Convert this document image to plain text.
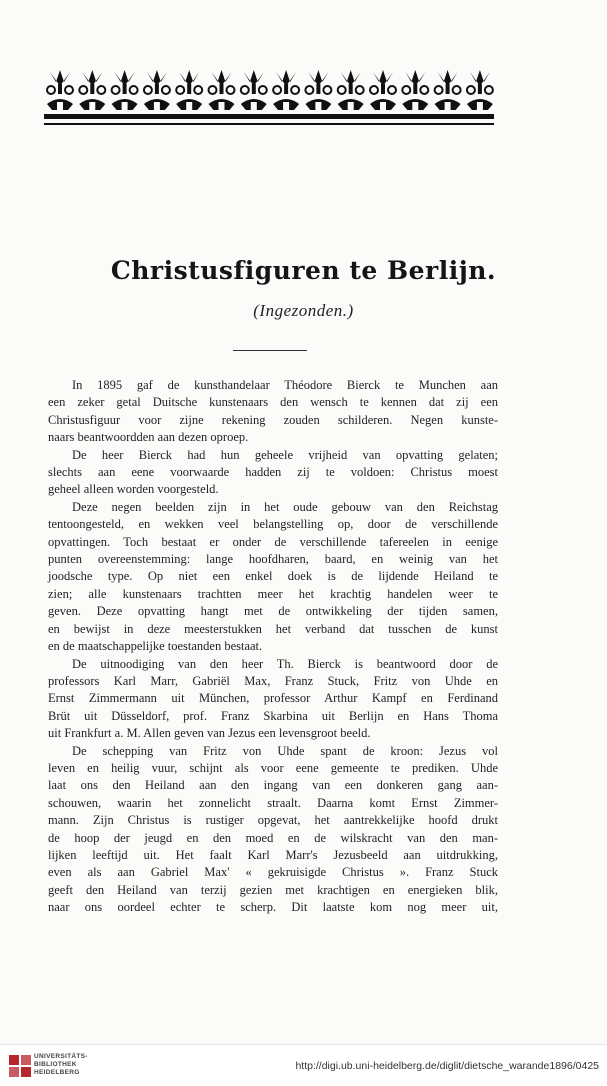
Christusfiguren te Berlijn.
(Ingezonden.)
In 1895 gaf de kunsthandelaar Théodore Bierck te Munchen aan
een zeker getal Duitsche kunstenaars den wensch te kennen dat zij een
Christusfiguur voor zijne rekening zouden schilderen. Negen kunste-
naars beantwoordden aan dezen oproep.
De heer Bierck had hun geheele vrijheid van opvatting gelaten;
slechts aan eene voorwaarde hadden zij te voldoen: Christus moest
geheel alleen worden voorgesteld.
Deze negen beelden zijn in het oude gebouw van den Reichstag
tentoongesteld, en wekken veel belangstelling op, door de verschillende
opvattingen. Toch bestaat er onder de verschillende tafereelen in eenige
punten overeenstemming: lange hoofdharen, baard, en weinig van het
joodsche type. Op niet een enkel doek is de lijdende Heiland te
zien; alle kunstenaars trachtten meer het krachtig handelen weer te
geven. Deze opvatting hangt met de ontwikkeling der tijden samen,
en bewijst in deze meesterstukken het verband dat tusschen de kunst
en de maatschappelijke toestanden bestaat.
De uitnoodiging van den heer Th. Bierck is beantwoord door de
professors Karl Marr, Gabriël Max, Franz Stuck, Fritz von Uhde en
Ernst Zimmermann uit München, professor Arthur Kampf en Ferdinand
Brüt uit Düsseldorf, prof. Franz Skarbina uit Berlijn en Hans Thoma
uit Frankfurt a. M. Allen geven van Jezus een levensgroot beeld.
De schepping van Fritz von Uhde spant de kroon: Jezus vol
leven en heilig vuur, schijnt als voor eene gemeente te prediken. Uhde
laat ons den Heiland aan den ingang van een donkeren gang aan-
schouwen, waarin het zonnelicht straalt. Daarna komt Ernst Zimmer-
mann. Zijn Christus is rustiger opgevat, het aantrekkelijke hoofd drukt
de hoop der jeugd en den moed en de wilskracht van den man-
lijken leeftijd uit. Het faalt Karl Marr's Jezusbeeld aan uitdrukking,
even als aan Gabriel Max' « gekruisigde Christus ». Franz Stuck
geeft den Heiland van terzij gezien met krachtigen en energieken blik,
naar ons oordeel echter te scherp. Dit laatste kom nog meer uit,
UNIVERSITÄTS-
BIBLIOTHEK
HEIDELBERG
http://digi.ub.uni-heidelberg.de/diglit/dietsche_warande1896/0425
